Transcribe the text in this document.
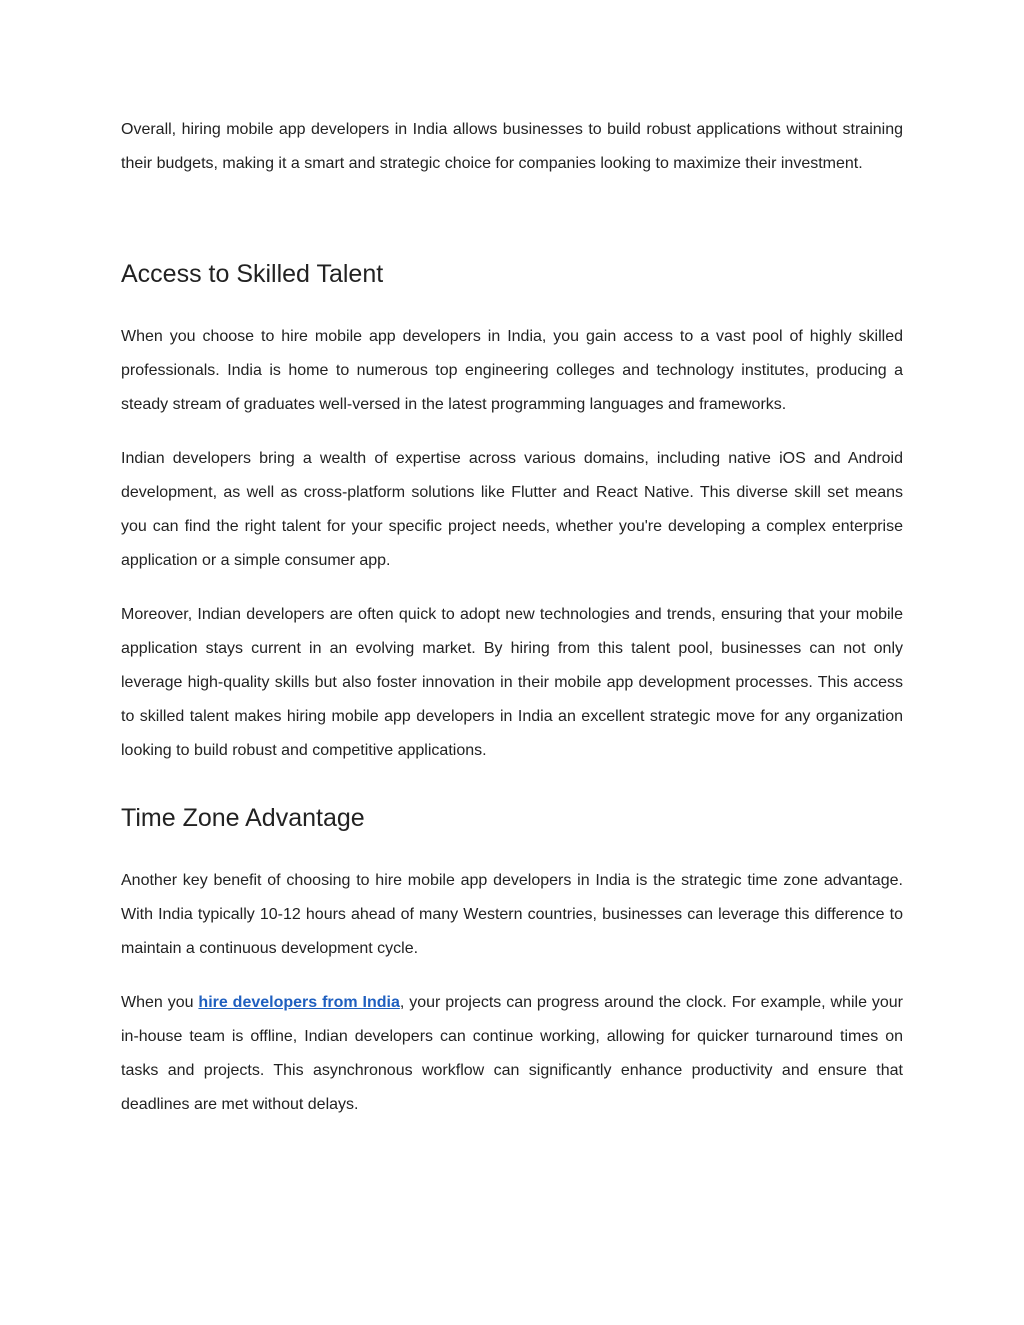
Overall, hiring mobile app developers in India allows businesses to build robust applications without straining their budgets, making it a smart and strategic choice for companies looking to maximize their investment.

Access to Skilled Talent

When you choose to hire mobile app developers in India, you gain access to a vast pool of highly skilled professionals. India is home to numerous top engineering colleges and technology institutes, producing a steady stream of graduates well-versed in the latest programming languages and frameworks.

Indian developers bring a wealth of expertise across various domains, including native iOS and Android development, as well as cross-platform solutions like Flutter and React Native. This diverse skill set means you can find the right talent for your specific project needs, whether you're developing a complex enterprise application or a simple consumer app.

Moreover, Indian developers are often quick to adopt new technologies and trends, ensuring that your mobile application stays current in an evolving market. By hiring from this talent pool, businesses can not only leverage high-quality skills but also foster innovation in their mobile app development processes. This access to skilled talent makes hiring mobile app developers in India an excellent strategic move for any organization looking to build robust and competitive applications.

Time Zone Advantage

Another key benefit of choosing to hire mobile app developers in India is the strategic time zone advantage. With India typically 10-12 hours ahead of many Western countries, businesses can leverage this difference to maintain a continuous development cycle.

When you hire developers from India, your projects can progress around the clock. For example, while your in-house team is offline, Indian developers can continue working, allowing for quicker turnaround times on tasks and projects. This asynchronous workflow can significantly enhance productivity and ensure that deadlines are met without delays.
